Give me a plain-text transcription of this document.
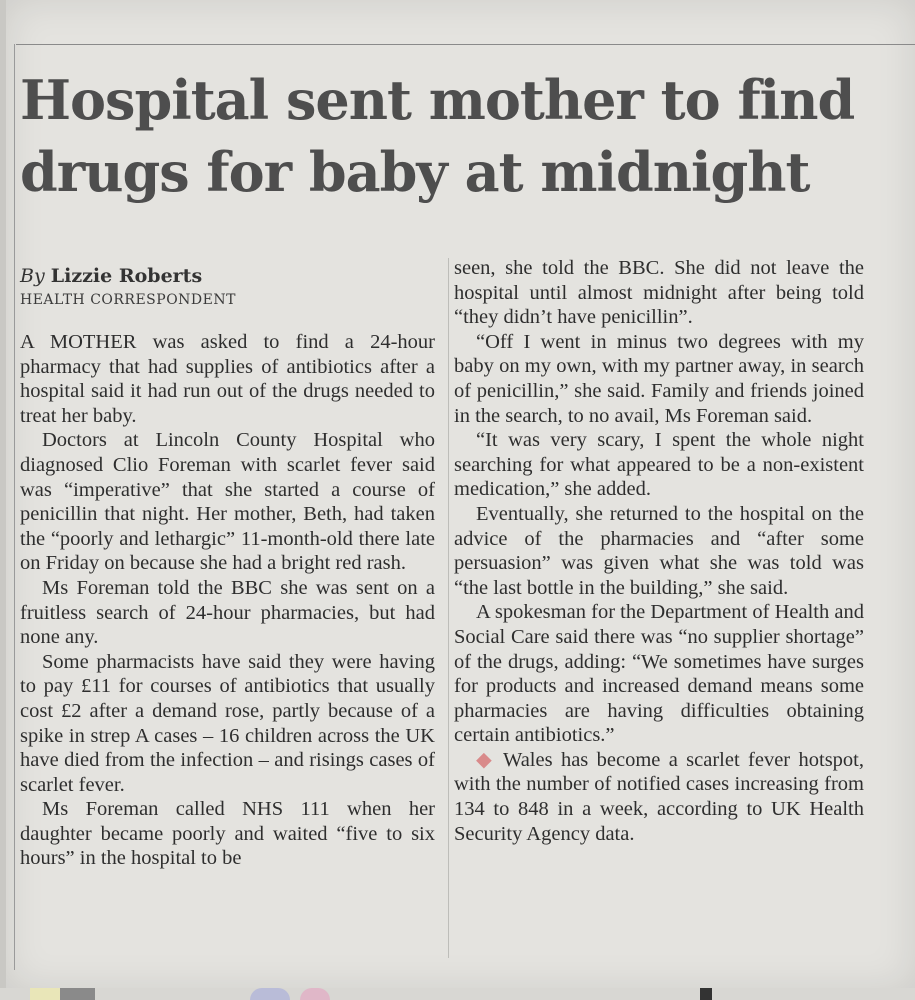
Hospital sent mother to find drugs for baby at midnight
By Lizzie Roberts
HEALTH CORRESPONDENT

A MOTHER was asked to find a 24-hour pharmacy that had supplies of antibiotics after a hospital said it had run out of the drugs needed to treat her baby.

Doctors at Lincoln County Hospital who diagnosed Clio Foreman with scarlet fever said was “imperative” that she started a course of penicillin that night. Her mother, Beth, had taken the “poorly and lethargic” 11-month-old there late on Friday on because she had a bright red rash.

Ms Foreman told the BBC she was sent on a fruitless search of 24-hour pharmacies, but had none any.

Some pharmacists have said they were having to pay £11 for courses of antibiotics that usually cost £2 after a demand rose, partly because of a spike in strep A cases – 16 children across the UK have died from the infection – and risings cases of scarlet fever.

Ms Foreman called NHS 111 when her daughter became poorly and waited “five to six hours” in the hospital to be

seen, she told the BBC. She did not leave the hospital until almost midnight after being told “they didn’t have penicillin”.

“Off I went in minus two degrees with my baby on my own, with my partner away, in search of penicillin,” she said. Family and friends joined in the search, to no avail, Ms Foreman said.

“It was very scary, I spent the whole night searching for what appeared to be a non-existent medication,” she added.

Eventually, she returned to the hospital on the advice of the pharmacies and “after some persuasion” was given what she was told was “the last bottle in the building,” she said.

A spokesman for the Department of Health and Social Care said there was “no supplier shortage” of the drugs, adding: “We sometimes have surges for products and increased demand means some pharmacies are having difficulties obtaining certain antibiotics.”

◆ Wales has become a scarlet fever hotspot, with the number of notified cases increasing from 134 to 848 in a week, according to UK Health Security Agency data.
